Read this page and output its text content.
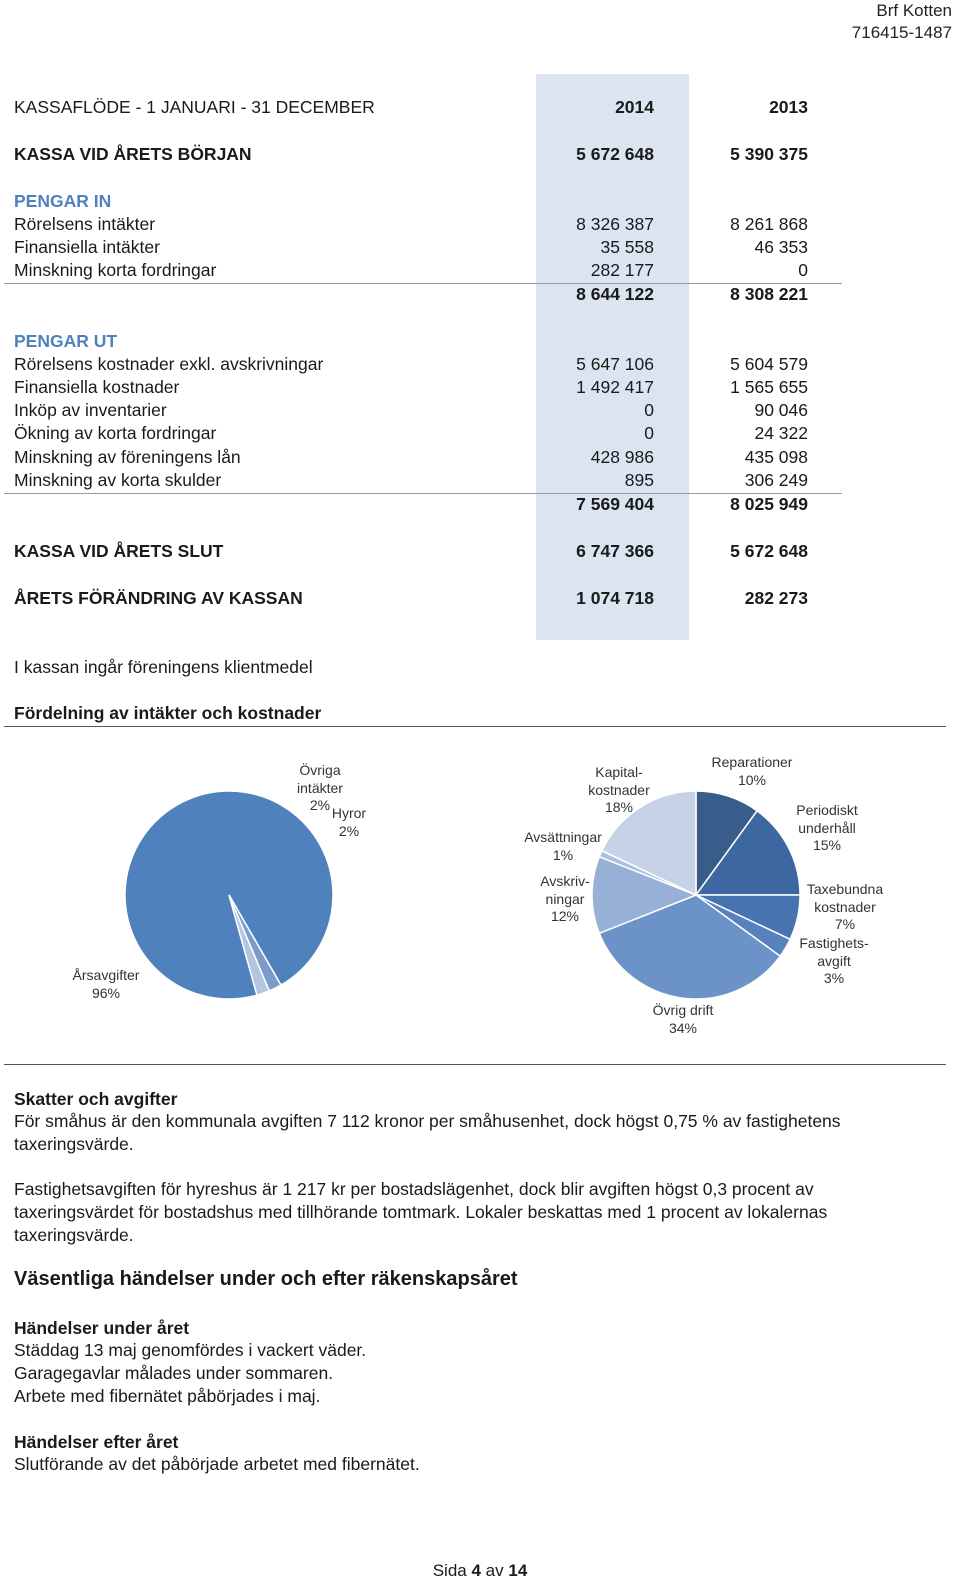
Brf Kotten
716415-1487
KASSAFLÖDE - 1 JANUARI - 31 DECEMBER	2014	2013
KASSA VID ÅRETS BÖRJAN	5 672 648	5 390 375
PENGAR IN
Rörelsens intäkter	8 326 387	8 261 868
Finansiella intäkter	35 558	46 353
Minskning korta fordringar	282 177	0
8 644 122	8 308 221
PENGAR UT
Rörelsens kostnader exkl. avskrivningar	5 647 106	5 604 579
Finansiella kostnader	1 492 417	1 565 655
Inköp av inventarier	0	90 046
Ökning av korta fordringar	0	24 322
Minskning av föreningens lån	428 986	435 098
Minskning av korta skulder	895	306 249
7 569 404	8 025 949
KASSA VID ÅRETS SLUT	6 747 366	5 672 648
ÅRETS FÖRÄNDRING AV KASSAN	1 074 718	282 273
I kassan ingår föreningens klientmedel
Fördelning av intäkter och kostnader
Övriga
intäkter
2% Hyror
2%
Årsavgifter
96%
Kapital-
kostnader
18%
Reparationer
10%
Periodiskt
underhåll
15%
Avsättningar
1%
Avskriv-
ningar
12%
Taxebundna
kostnader
7%
Fastighets-
avgift
3%
Övrig drift
34%
Skatter och avgifter
För småhus är den kommunala avgiften 7 112 kronor per småhusenhet, dock högst 0,75 % av fastighetens
taxeringsvärde.
Fastighetsavgiften för hyreshus är 1 217 kr per bostadslägenhet, dock blir avgiften högst 0,3 procent av
taxeringsvärdet för bostadshus med tillhörande tomtmark. Lokaler beskattas med 1 procent av lokalernas
taxeringsvärde.
Väsentliga händelser under och efter räkenskapsåret
Händelser under året
Städdag 13 maj genomfördes i vackert väder.
Garagegavlar målades under sommaren.
Arbete med fibernätet påbörjades i maj.
Händelser efter året
Slutförande av det påbörjade arbetet med fibernätet.
Sida 4 av 14
